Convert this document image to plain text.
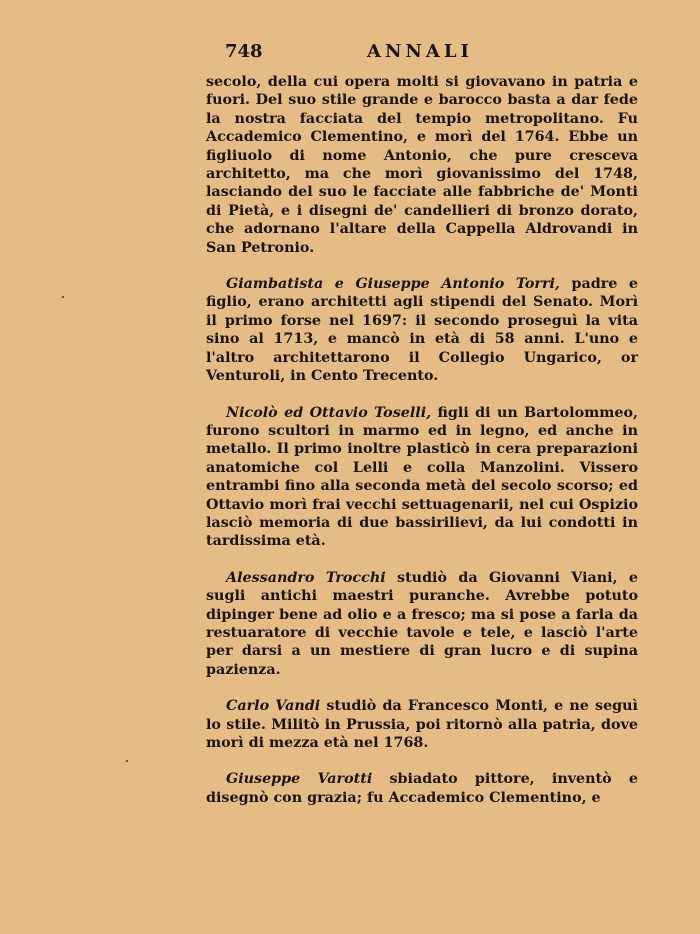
748	ANNALI

secolo, della cui opera molti si giovavano in patria e fuori. Del suo stile grande e barocco basta a dar fede la nostra facciata del tempio metropolitano. Fu Accademico Clementino, e morì del 1764. Ebbe un figliuolo di nome Antonio, che pure cresceva architetto, ma che morì giovanissimo del 1748, lasciando del suo le facciate alle fabbriche de' Monti di Pietà, e i disegni de' candellieri di bronzo dorato, che adornano l'altare della Cappella Aldrovandi in San Petronio.

Giambatista e Giuseppe Antonio Torri, padre e figlio, erano architetti agli stipendi del Senato. Morì il primo forse nel 1697: il secondo proseguì la vita sino al 1713, e mancò in età di 58 anni. L'uno e l'altro architettarono il Collegio Ungarico, or Venturoli, in Cento Trecento.

Nicolò ed Ottavio Toselli, figli di un Bartolommeo, furono scultori in marmo ed in legno, ed anche in metallo. Il primo inoltre plasticò in cera preparazioni anatomiche col Lelli e colla Manzolini. Vissero entrambi fino alla seconda metà del secolo scorso; ed Ottavio morì frai vecchi settuagenarii, nel cui Ospizio lasciò memoria di due bassirilievi, da lui condotti in tardissima età.

Alessandro Trocchi studiò da Giovanni Viani, e sugli antichi maestri puranche. Avrebbe potuto dipinger bene ad olio e a fresco; ma si pose a farla da restuaratore di vecchie tavole e tele, e lasciò l'arte per darsi a un mestiere di gran lucro e di supina pazienza.

Carlo Vandi studiò da Francesco Monti, e ne seguì lo stile. Militò in Prussia, poi ritornò alla patria, dove morì di mezza età nel 1768.

Giuseppe Varotti sbiadato pittore, inventò e disegnò con grazia; fu Accademico Clementino, e
